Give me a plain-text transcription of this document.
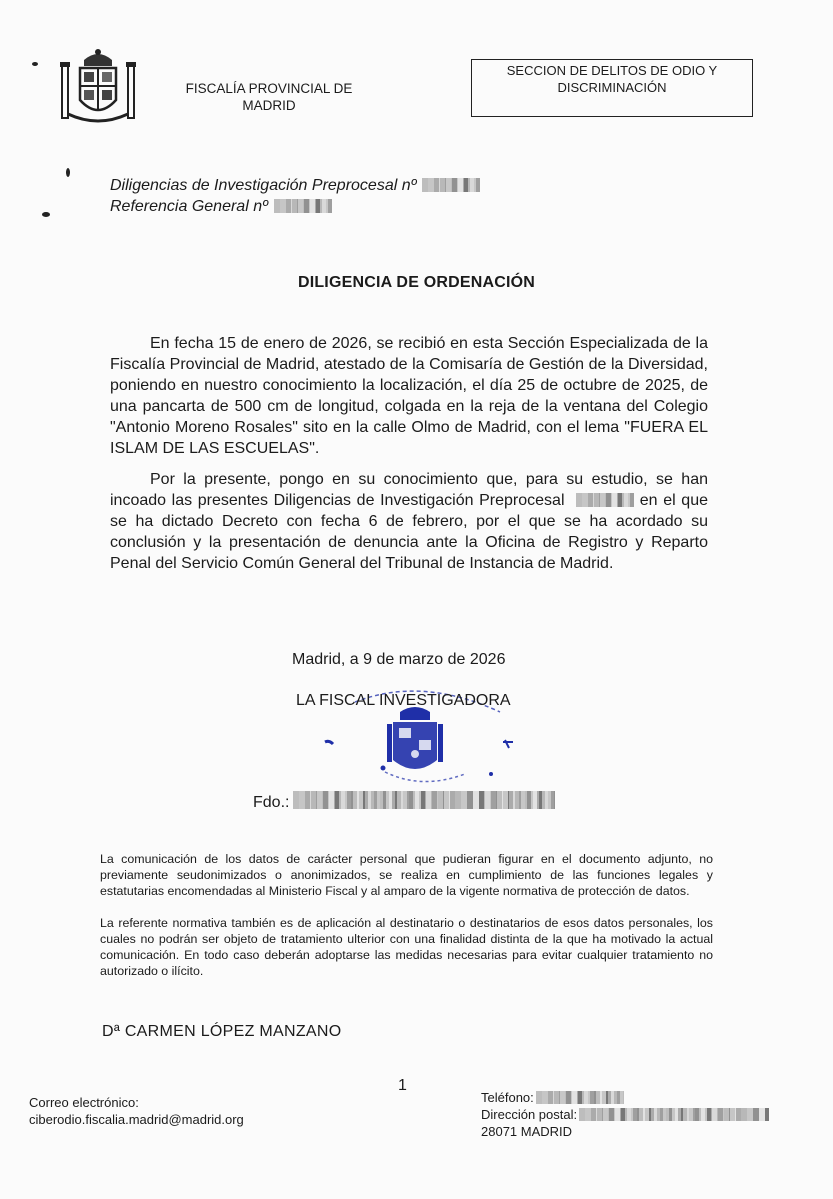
FISCALÍA PROVINCIAL DE
MADRID
SECCION DE DELITOS DE ODIO Y
DISCRIMINACIÓN
Diligencias de Investigación Preprocesal nº
Referencia General nº
DILIGENCIA DE ORDENACIÓN
En fecha 15 de enero de 2026, se recibió en esta Sección Especializada de la Fiscalía Provincial de Madrid, atestado de la Comisaría de Gestión de la Diversidad, poniendo en nuestro conocimiento la localización, el día 25 de octubre de 2025, de una pancarta de 500 cm de longitud, colgada en la reja de la ventana del Colegio "Antonio Moreno Rosales" sito en la calle Olmo de Madrid, con el lema "FUERA EL ISLAM DE LAS ESCUELAS".
Por la presente, pongo en su conocimiento que, para su estudio, se han incoado las presentes Diligencias de Investigación Preprocesal	en el que se ha dictado Decreto con fecha 6 de febrero, por el que se ha acordado su conclusión y la presentación de denuncia ante la Oficina de Registro y Reparto Penal del Servicio Común General del Tribunal de Instancia de Madrid.
Madrid, a 9 de marzo de 2026
LA FISCAL INVESTIGADORA
Fdo.:
La comunicación de los datos de carácter personal que pudieran figurar en el documento adjunto, no previamente seudonimizados o anonimizados, se realiza en cumplimiento de las funciones legales y estatutarias encomendadas al Ministerio Fiscal y al amparo de la vigente normativa de protección de datos.
La referente normativa también es de aplicación al destinatario o destinatarios de esos datos personales, los cuales no podrán ser objeto de tratamiento ulterior con una finalidad distinta de la que ha motivado la actual comunicación. En todo caso deberán adoptarse las medidas necesarias para evitar cualquier tratamiento no autorizado o ilícito.
Dª CARMEN LÓPEZ MANZANO
1
Correo electrónico:
ciberodio.fiscalia.madrid@madrid.org
Teléfono:
Dirección postal:
28071 MADRID
